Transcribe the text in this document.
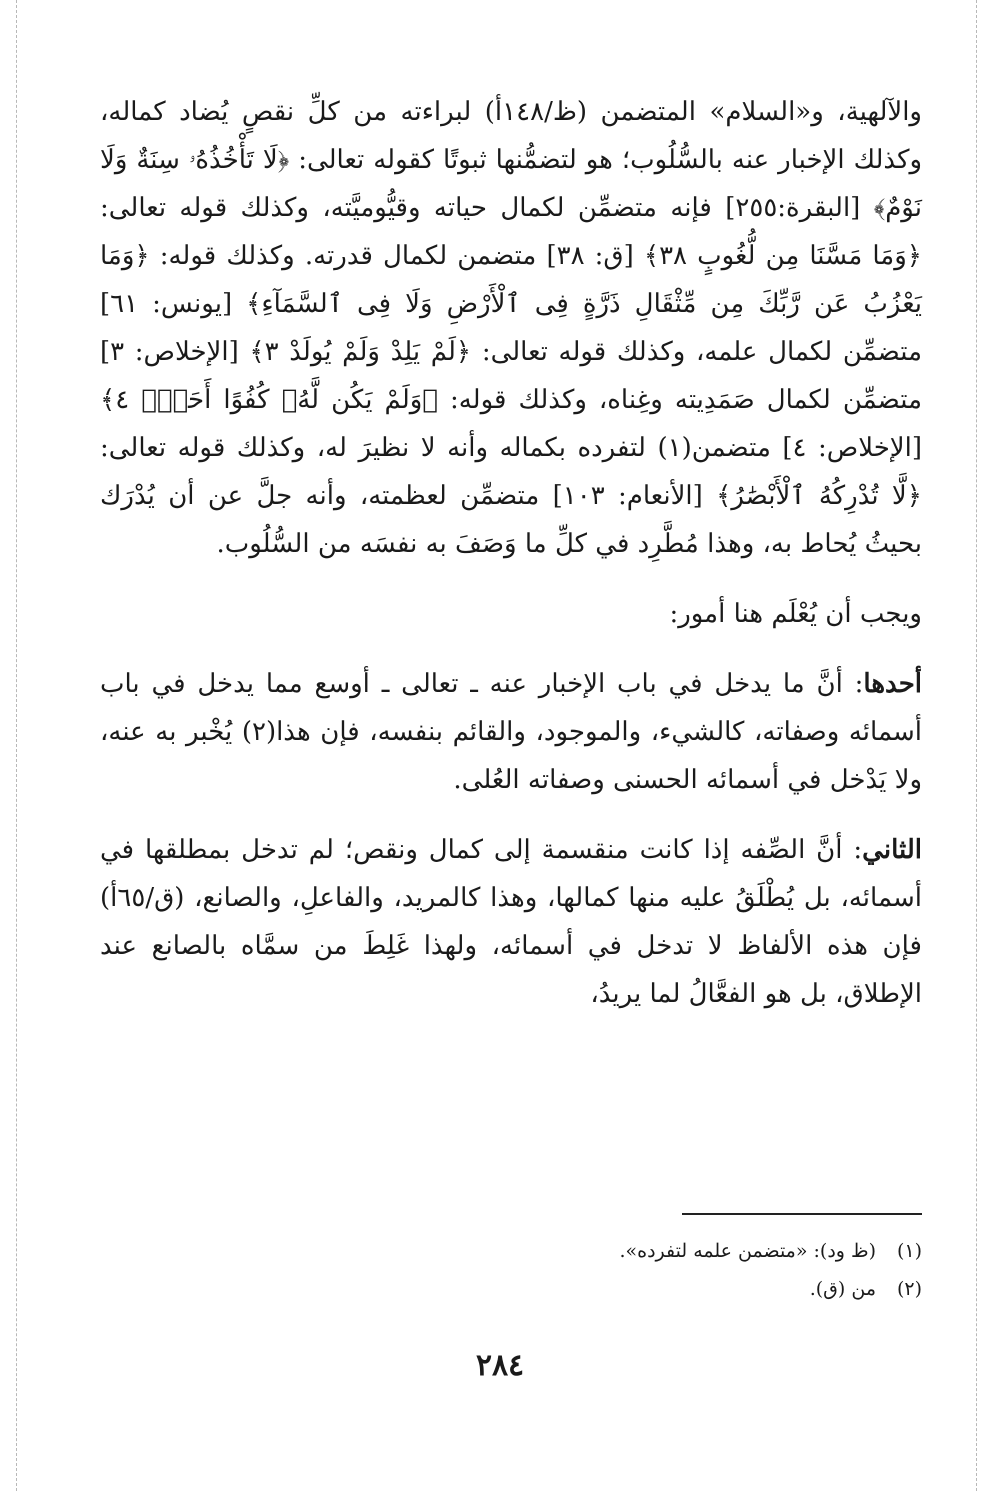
والآلهية، و«السلام» المتضمن (ظ/١٤٨أ) لبراءته من كلِّ نقصٍ يُضاد كماله، وكذلك الإخبار عنه بالسُّلُوب؛ هو لتضمُّنها ثبوتًا كقوله تعالى: ﴿لَا تَأْخُذُهُۥ سِنَةٌ وَلَا نَوْمٌ﴾ [البقرة:٢٥٥] فإنه متضمِّن لكمال حياته وقيُّوميَّته، وكذلك قوله تعالى: ﴿وَمَا مَسَّنَا مِن لُّغُوبٍ ٣٨﴾ [ق: ٣٨] متضمن لكمال قدرته. وكذلك قوله: ﴿وَمَا يَعْزُبُ عَن رَّبِّكَ مِن مِّثْقَالِ ذَرَّةٍ فِى ٱلْأَرْضِ وَلَا فِى ٱلسَّمَآءِ﴾ [يونس: ٦١] متضمِّن لكمال علمه، وكذلك قوله تعالى: ﴿لَمْ يَلِدْ وَلَمْ يُولَدْ ٣﴾ [الإخلاص: ٣] متضمِّن لكمال صَمَدِيته وغِناه، وكذلك قوله: ﴿وَلَمْ يَكُن لَّهُۥ كُفُوًا أَحَدٌۢ ٤﴾ [الإخلاص: ٤] متضمن(١) لتفرده بكماله وأنه لا نظيرَ له، وكذلك قوله تعالى: ﴿لَّا تُدْرِكُهُ ٱلْأَبْصَٰرُ﴾ [الأنعام: ١٠٣] متضمِّن لعظمته، وأنه جلَّ عن أن يُدْرَك بحيثُ يُحاط به، وهذا مُطَّرِد في كلِّ ما وَصَفَ به نفسَه من السُّلُوب.

ويجب أن يُعْلَم هنا أمور:

أحدها: أنَّ ما يدخل في باب الإخبار عنه ـ تعالى ـ أوسع مما يدخل في باب أسمائه وصفاته، كالشيء، والموجود، والقائم بنفسه، فإن هذا(٢) يُخْبر به عنه، ولا يَدْخل في أسمائه الحسنى وصفاته العُلى.

الثاني: أنَّ الصِّفه إذا كانت منقسمة إلى كمال ونقص؛ لم تدخل بمطلقها في أسمائه، بل يُطْلَقُ عليه منها كمالها، وهذا كالمريد، والفاعلِ، والصانع، (ق/٦٥أ) فإن هذه الألفاظ لا تدخل في أسمائه، ولهذا غَلِطَ من سمَّاه بالصانع عند الإطلاق، بل هو الفعَّالُ لما يريدُ،

(١)(ظ ود): «متضمن علمه لتفرده».
(٢)من (ق).
٢٨٤
